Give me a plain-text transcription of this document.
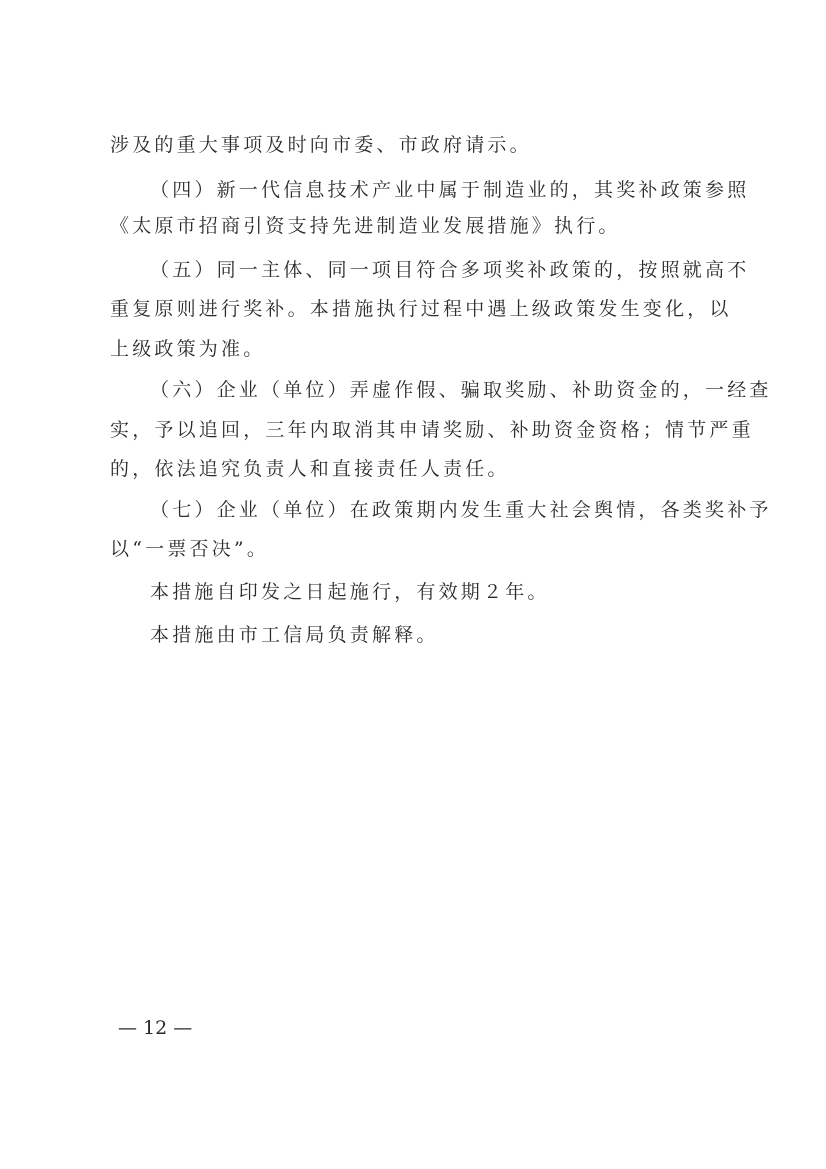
涉及的重大事项及时向市委、市政府请示。
（四）新一代信息技术产业中属于制造业的，其奖补政策参照
《太原市招商引资支持先进制造业发展措施》执行。
（五）同一主体、同一项目符合多项奖补政策的，按照就高不
重复原则进行奖补。本措施执行过程中遇上级政策发生变化，以
上级政策为准。
（六）企业（单位）弄虚作假、骗取奖励、补助资金的，一经查
实，予以追回，三年内取消其申请奖励、补助资金资格；情节严重
的，依法追究负责人和直接责任人责任。
（七）企业（单位）在政策期内发生重大社会舆情，各类奖补予
以“一票否决”。
本措施自印发之日起施行，有效期２年。
本措施由市工信局负责解释。
— 12 —
